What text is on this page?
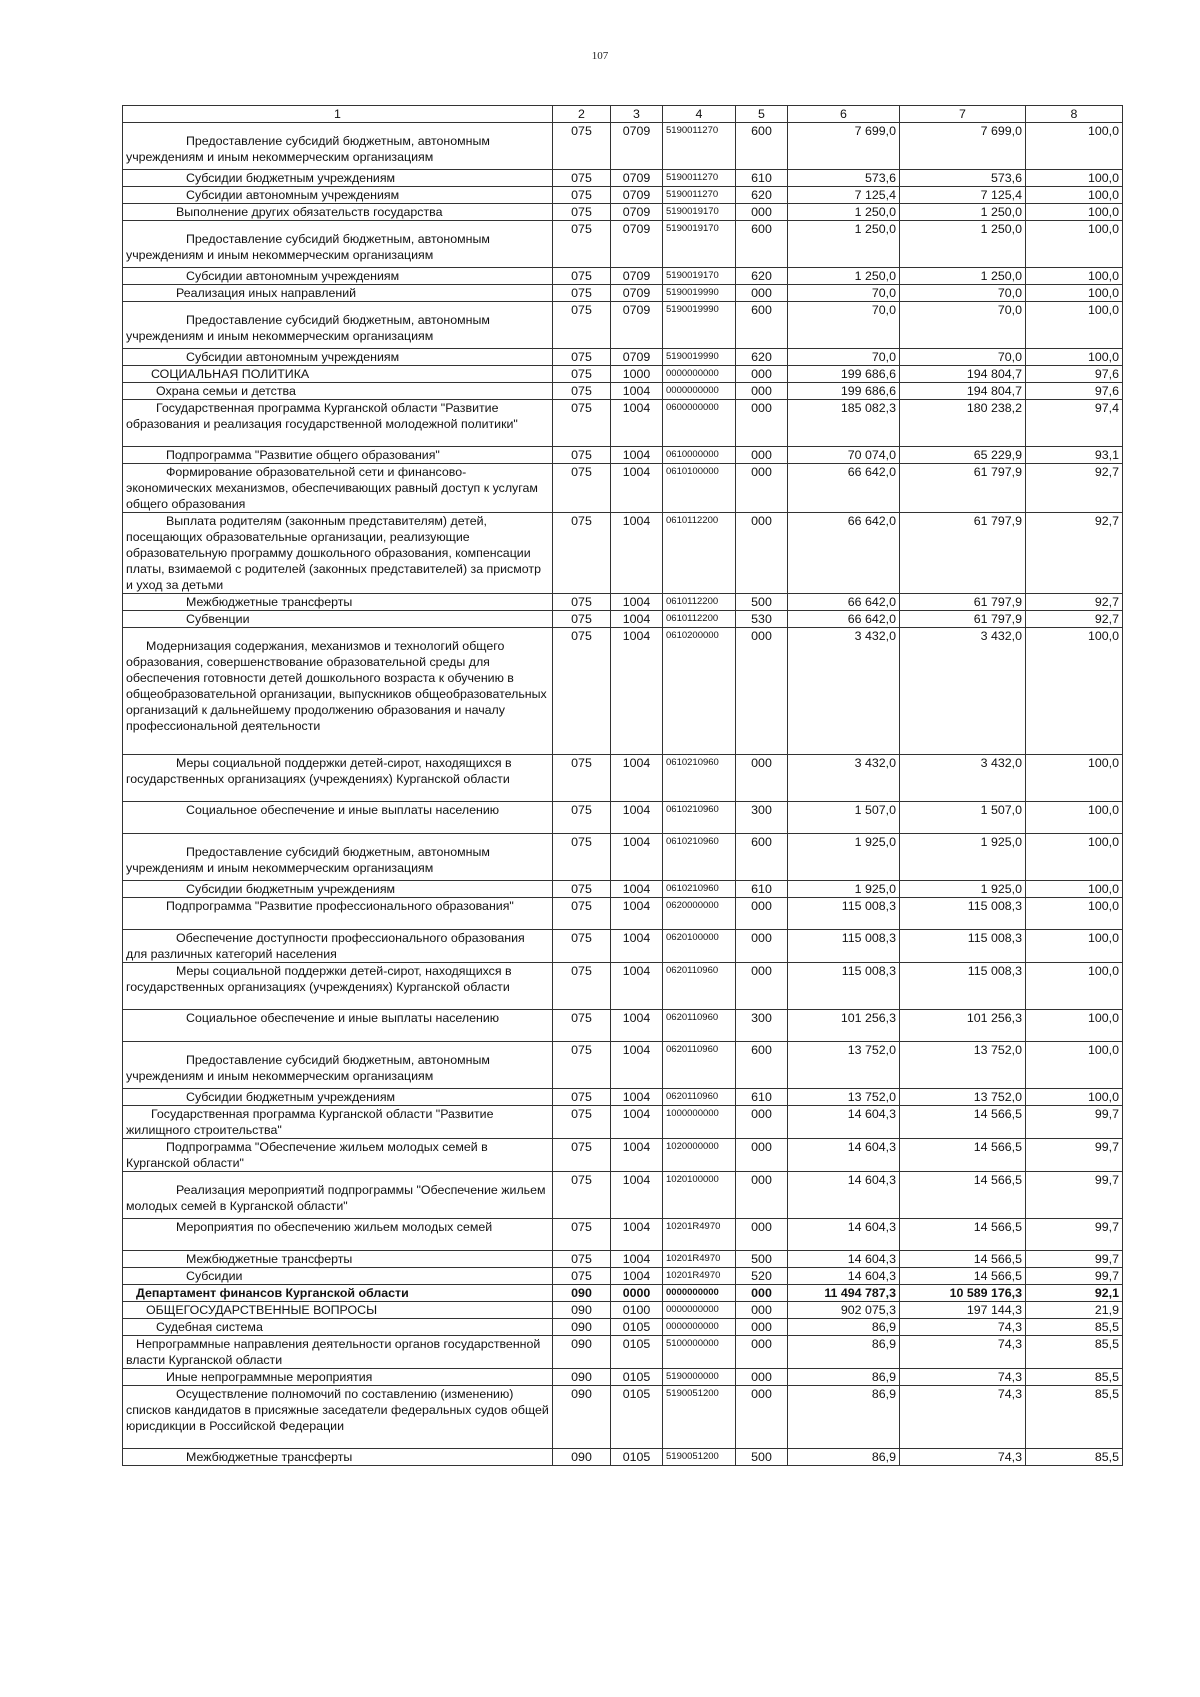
107
1	2	3	4	5	6	7	8

Предоставление субсидий бюджетным, автономным учреждениям и иным некоммерческим организациям	075	0709	5190011270	600	7 699,0	7 699,0	100,0

Субсидии бюджетным учреждениям	075	0709	5190011270	610	573,6	573,6	100,0

Субсидии автономным учреждениям	075	0709	5190011270	620	7 125,4	7 125,4	100,0

Выполнение других обязательств государства	075	0709	5190019170	000	1 250,0	1 250,0	100,0

Предоставление субсидий бюджетным, автономным учреждениям и иным некоммерческим организациям	075	0709	5190019170	600	1 250,0	1 250,0	100,0

Субсидии автономным учреждениям	075	0709	5190019170	620	1 250,0	1 250,0	100,0

Реализация иных направлений	075	0709	5190019990	000	70,0	70,0	100,0

Предоставление субсидий бюджетным, автономным учреждениям и иным некоммерческим организациям	075	0709	5190019990	600	70,0	70,0	100,0

Субсидии автономным учреждениям	075	0709	5190019990	620	70,0	70,0	100,0

СОЦИАЛЬНАЯ ПОЛИТИКА	075	1000	0000000000	000	199 686,6	194 804,7	97,6

Охрана семьи и детства	075	1004	0000000000	000	199 686,6	194 804,7	97,6

Государственная программа Курганской области "Развитие образования и реализация государственной молодежной политики"	075	1004	0600000000	000	185 082,3	180 238,2	97,4

Подпрограмма "Развитие общего образования"	075	1004	0610000000	000	70 074,0	65 229,9	93,1

Формирование образовательной сети и финансово-экономических механизмов, обеспечивающих равный доступ к услугам общего образования	075	1004	0610100000	000	66 642,0	61 797,9	92,7

Выплата родителям (законным представителям) детей, посещающих образовательные организации, реализующие образовательную программу дошкольного образования, компенсации платы, взимаемой с родителей (законных представителей) за присмотр и уход за детьми	075	1004	0610112200	000	66 642,0	61 797,9	92,7

Межбюджетные трансферты	075	1004	0610112200	500	66 642,0	61 797,9	92,7

Субвенции	075	1004	0610112200	530	66 642,0	61 797,9	92,7

Модернизация содержания, механизмов и технологий общего образования, совершенствование образовательной среды для обеспечения готовности детей дошкольного возраста к обучению в общеобразовательной организации, выпускников общеобразовательных организаций к дальнейшему продолжению образования и началу профессиональной деятельности	075	1004	0610200000	000	3 432,0	3 432,0	100,0

Меры социальной поддержки детей-сирот, находящихся в государственных организациях (учреждениях) Курганской области	075	1004	0610210960	000	3 432,0	3 432,0	100,0

Социальное обеспечение и иные выплаты населению	075	1004	0610210960	300	1 507,0	1 507,0	100,0

Предоставление субсидий бюджетным, автономным учреждениям и иным некоммерческим организациям	075	1004	0610210960	600	1 925,0	1 925,0	100,0

Субсидии бюджетным учреждениям	075	1004	0610210960	610	1 925,0	1 925,0	100,0

Подпрограмма "Развитие профессионального образования"	075	1004	0620000000	000	115 008,3	115 008,3	100,0

Обеспечение доступности профессионального образования для различных категорий населения	075	1004	0620100000	000	115 008,3	115 008,3	100,0

Меры социальной поддержки детей-сирот, находящихся в государственных организациях (учреждениях) Курганской области	075	1004	0620110960	000	115 008,3	115 008,3	100,0

Социальное обеспечение и иные выплаты населению	075	1004	0620110960	300	101 256,3	101 256,3	100,0

Предоставление субсидий бюджетным, автономным учреждениям и иным некоммерческим организациям	075	1004	0620110960	600	13 752,0	13 752,0	100,0

Субсидии бюджетным учреждениям	075	1004	0620110960	610	13 752,0	13 752,0	100,0

Государственная программа Курганской области "Развитие жилищного строительства"	075	1004	1000000000	000	14 604,3	14 566,5	99,7

Подпрограмма "Обеспечение жильем молодых семей в Курганской области"	075	1004	1020000000	000	14 604,3	14 566,5	99,7

Реализация мероприятий подпрограммы "Обеспечение жильем молодых семей в Курганской области"	075	1004	1020100000	000	14 604,3	14 566,5	99,7

Мероприятия по обеспечению жильем молодых семей	075	1004	10201R4970	000	14 604,3	14 566,5	99,7

Межбюджетные трансферты	075	1004	10201R4970	500	14 604,3	14 566,5	99,7

Субсидии	075	1004	10201R4970	520	14 604,3	14 566,5	99,7

Департамент финансов Курганской области	090	0000	0000000000	000	11 494 787,3	10 589 176,3	92,1

ОБЩЕГОСУДАРСТВЕННЫЕ ВОПРОСЫ	090	0100	0000000000	000	902 075,3	197 144,3	21,9

Судебная система	090	0105	0000000000	000	86,9	74,3	85,5

Непрограммные направления деятельности органов государственной власти Курганской области	090	0105	5100000000	000	86,9	74,3	85,5

Иные непрограммные мероприятия	090	0105	5190000000	000	86,9	74,3	85,5

Осуществление полномочий по составлению (изменению) списков кандидатов в присяжные заседатели федеральных судов общей юрисдикции в Российской Федерации	090	0105	5190051200	000	86,9	74,3	85,5

Межбюджетные трансферты	090	0105	5190051200	500	86,9	74,3	85,5
